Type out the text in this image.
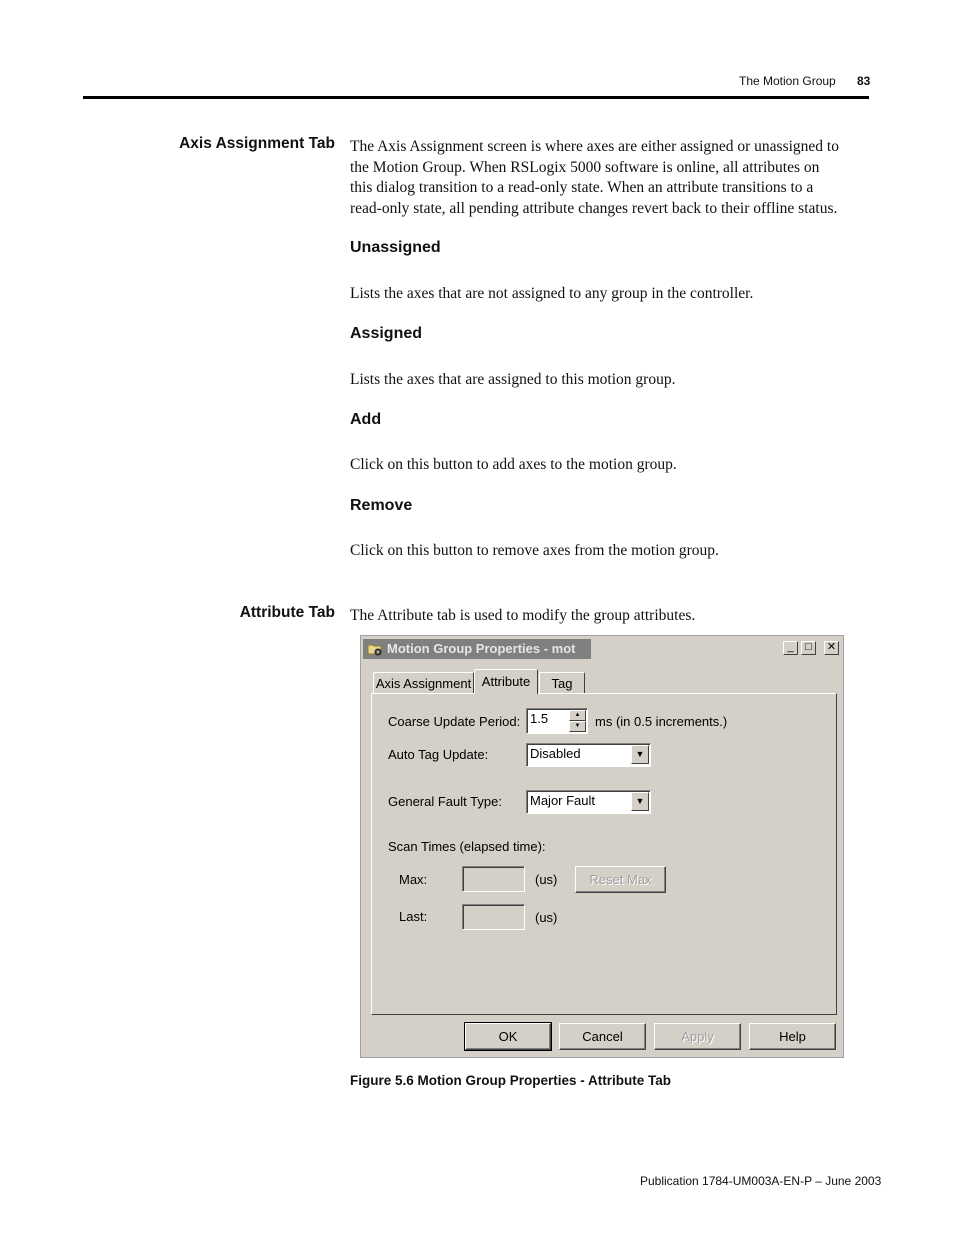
The Motion Group 83
Axis Assignment Tab The Axis Assignment screen is where axes are either assigned or unassigned to
the Motion Group. When RSLogix 5000 software is online, all attributes on
this dialog transition to a read-only state. When an attribute transitions to a
read-only state, all pending attribute changes revert back to their offline status.

Unassigned

Lists the axes that are not assigned to any group in the controller.

Assigned

Lists the axes that are assigned to this motion group.

Add

Click on this button to add axes to the motion group.

Remove

Click on this button to remove axes from the motion group.

Attribute Tab The Attribute tab is used to modify the group attributes.

Motion Group Properties - mot	_	□	✕
Axis Assignment Attribute	Tag
Coarse Update Period: 1.5	▲
▼	ms (in 0.5 increments.)
Auto Tag Update:	Disabled	▼
General Fault Type:	Major Fault	▼
Scan Times (elapsed time):
Max:	(us)	Reset Max
Last:	(us)
OK	Cancel	Apply	Help
Figure 5.6 Motion Group Properties - Attribute Tab
Publication 1784-UM003A-EN-P – June 2003
